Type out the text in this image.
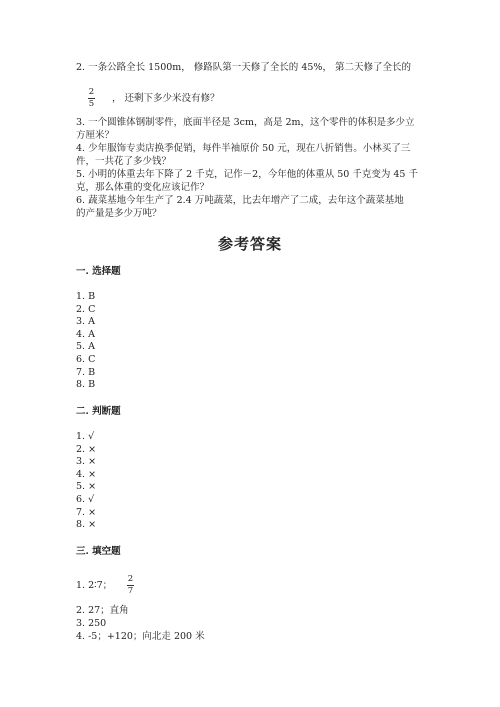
2. 一条公路全长 1500m， 修路队第一天修了全长的 45%， 第二天修了全长的
2
5 ， 还剩下多少米没有修？
3. 一个圆锥体钢制零件，底面半径是 3cm，高是 2m，这个零件的体积是多少立
方厘米？
4. 少年服饰专卖店换季促销，每件半袖原价 50 元，现在八折销售。小林买了三
件，一共花了多少钱？
5. 小明的体重去年下降了 2 千克，记作－2，今年他的体重从 50 千克变为 45 千
克，那么体重的变化应该记作？
6. 蔬菜基地今年生产了 2.4 万吨蔬菜，比去年增产了二成，去年这个蔬菜基地
的产量是多少万吨？
参考答案
一. 选择题
1. B
2. C
3. A
4. A
5. A
6. C
7. B
8. B
二. 判断题
1. √
2. ×
3. ×
4. ×
5. ×
6. √
7. ×
8. ×
三. 填空题
1. 2∶7；
2
7
2. 27；直角
3. 250
4. -5；+120；向北走 200 米
